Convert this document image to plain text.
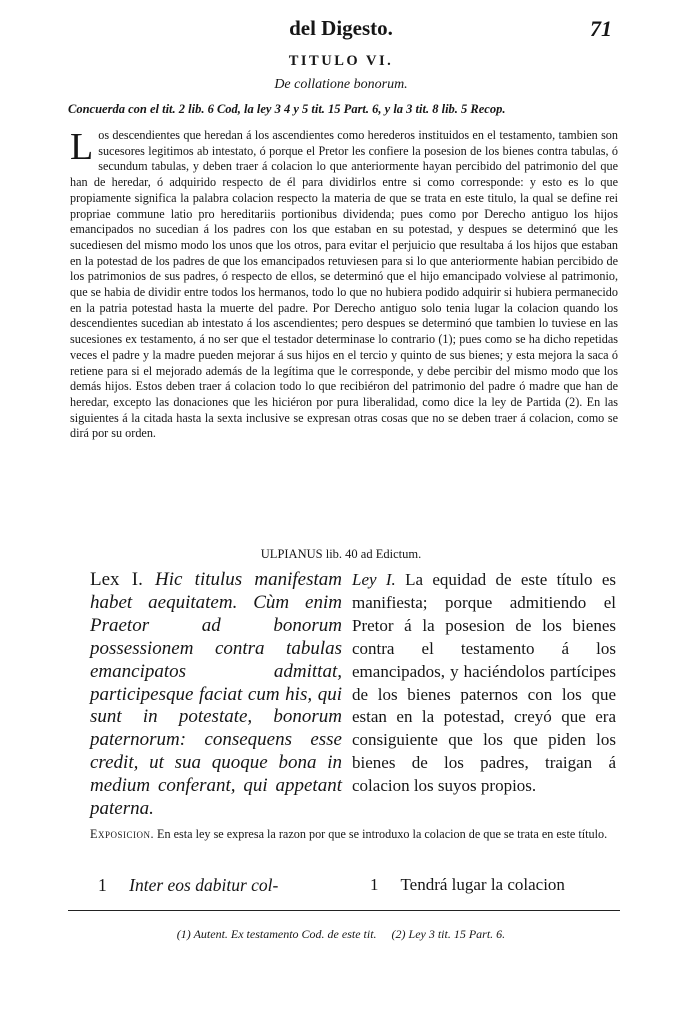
del Digesto.	71
TITULO VI.
De collatione bonorum.
Concuerda con el tit. 2 lib. 6 Cod, la ley 3 4 y 5 tit. 15 Part. 6, y la 3 tit. 8 lib. 5 Recop.
L os descendientes que heredan á los ascendientes como herederos instituidos en el testamento, tambien son sucesores legitimos ab intestato, ó porque el Pretor les confiere la posesion de los bienes contra tabulas, ó secundum tabulas, y deben traer á colacion lo que anteriormente hayan percibido del patrimonio del que han de heredar, ó adquirido respecto de él para dividirlos entre si como corresponde: y esto es lo que propiamente significa la palabra colacion respecto la materia de que se trata en este titulo, la qual se define rei propriae commune latio pro hereditariis portionibus dividenda; pues como por Derecho antiguo los hijos emancipados no sucedian á los padres con los que estaban en su potestad, y despues se determinó que les sucediesen del mismo modo los unos que los otros, para evitar el perjuicio que resultaba á los hijos que estaban en la potestad de los padres de que los emancipados retuviesen para si lo que anteriormente habian percibido de los patrimonios de sus padres, ó respecto de ellos, se determinó que el hijo emancipado volviese al patrimonio, que se habia de dividir entre todos los hermanos, todo lo que no hubiera podido adquirir si hubiera permanecido en la patria potestad hasta la muerte del padre. Por Derecho antiguo solo tenia lugar la colacion quando los descendientes sucedian ab intestato á los ascendientes; pero despues se determinó que tambien lo tuviese en las sucesiones ex testamento, á no ser que el testador determinase lo contrario (1); pues como se ha dicho repetidas veces el padre y la madre pueden mejorar á sus hijos en el tercio y quinto de sus bienes; y esta mejora la saca ó retiene para si el mejorado además de la legítima que le corresponde, y debe percibir del mismo modo que los demás hijos. Estos deben traer á colacion todo lo que recibiéron del patrimonio del padre ó madre que han de heredar, excepto las donaciones que les hiciéron por pura liberalidad, como dice la ley de Partida (2). En las siguientes á la citada hasta la sexta inclusive se expresan otras cosas que no se deben traer á colacion, como se dirá por su orden.
ULPIANUS lib. 40 ad Edictum.
Lex I. Hic titulus manifestam habet aequitatem. Cùm enim Praetor ad bonorum possessionem contra tabulas emancipatos admittat, participesque faciat cum his, qui sunt in potestate, bonorum paternorum: consequens esse credit, ut sua quoque bona in medium conferant, qui appetant paterna.
Ley I. La equidad de este título es manifiesta; porque admitiendo el Pretor á la posesion de los bienes contra el testamento á los emancipados, y haciéndolos partícipes de los bienes paternos con los que estan en la potestad, creyó que era consiguiente que los que piden los bienes de los padres, traigan á colacion los suyos propios.
Exposicion. En esta ley se expresa la razon por que se introduxo la colacion de que se trata en este título.
1 Inter eos dabitur col-	1 Tendrá lugar la colacion
(1) Autent. Ex testamento Cod. de este tit. (2) Ley 3 tit. 15 Part. 6.
